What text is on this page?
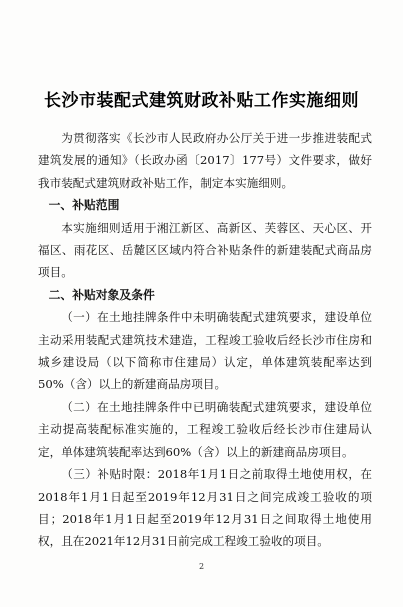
长沙市装配式建筑财政补贴工作实施细则

为贯彻落实《长沙市人民政府办公厅关于进一步推进装配式建筑发展的通知》（长政办函〔2017〕177号）文件要求，做好我市装配式建筑财政补贴工作，制定本实施细则。

一、补贴范围

本实施细则适用于湘江新区、高新区、芙蓉区、天心区、开福区、雨花区、岳麓区区域内符合补贴条件的新建装配式商品房项目。

二、补贴对象及条件

（一）在土地挂牌条件中未明确装配式建筑要求，建设单位主动采用装配式建筑技术建造，工程竣工验收后经长沙市住房和城乡建设局（以下简称市住建局）认定，单体建筑装配率达到50%（含）以上的新建商品房项目。

（二）在土地挂牌条件中已明确装配式建筑要求，建设单位主动提高装配标准实施的，工程竣工验收后经长沙市住建局认定，单体建筑装配率达到60%（含）以上的新建商品房项目。

（三）补贴时限：2018年1月1日之前取得土地使用权，在2018年1月1日起至2019年12月31日之间完成竣工验收的项目；2018年1月1日起至2019年12月31日之间取得土地使用权，且在2021年12月31日前完成工程竣工验收的项目。

2
